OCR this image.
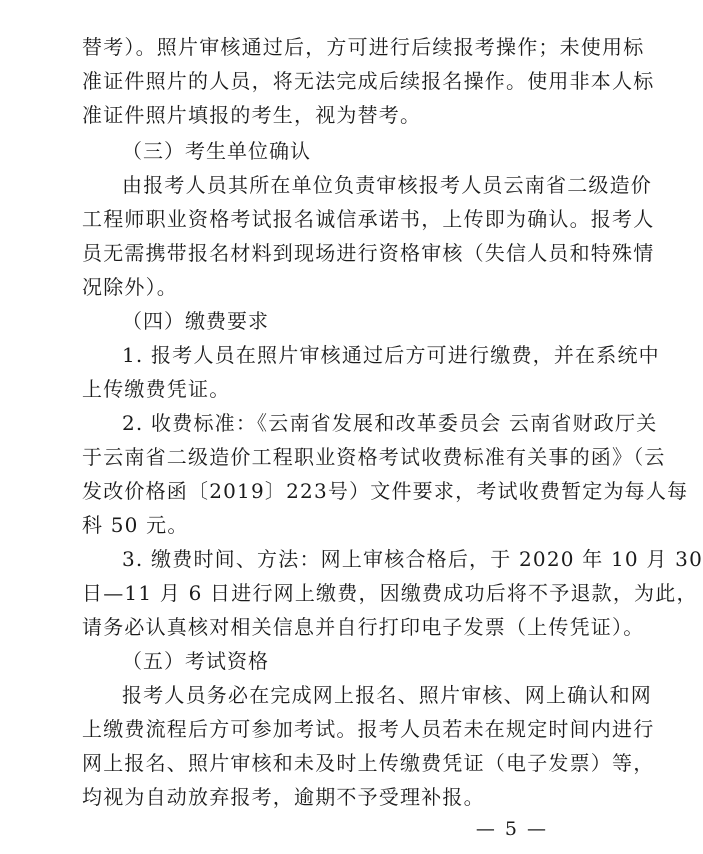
替考）。照片审核通过后，方可进行后续报考操作；未使用标
准证件照片的人员，将无法完成后续报名操作。使用非本人标
准证件照片填报的考生，视为替考。
（三）考生单位确认
由报考人员其所在单位负责审核报考人员云南省二级造价
工程师职业资格考试报名诚信承诺书，上传即为确认。报考人
员无需携带报名材料到现场进行资格审核（失信人员和特殊情
况除外）。
（四）缴费要求
1. 报考人员在照片审核通过后方可进行缴费，并在系统中
上传缴费凭证。
2. 收费标准：《云南省发展和改革委员会 云南省财政厅关
于云南省二级造价工程职业资格考试收费标准有关事的函》（云
发改价格函〔2019〕223号）文件要求，考试收费暂定为每人每
科 50 元。
3. 缴费时间、方法：网上审核合格后，于 2020 年 10 月 30
日—11 月 6 日进行网上缴费，因缴费成功后将不予退款，为此，
请务必认真核对相关信息并自行打印电子发票（上传凭证）。
（五）考试资格
报考人员务必在完成网上报名、照片审核、网上确认和网
上缴费流程后方可参加考试。报考人员若未在规定时间内进行
网上报名、照片审核和未及时上传缴费凭证（电子发票）等，
均视为自动放弃报考，逾期不予受理补报。
— 5 —
